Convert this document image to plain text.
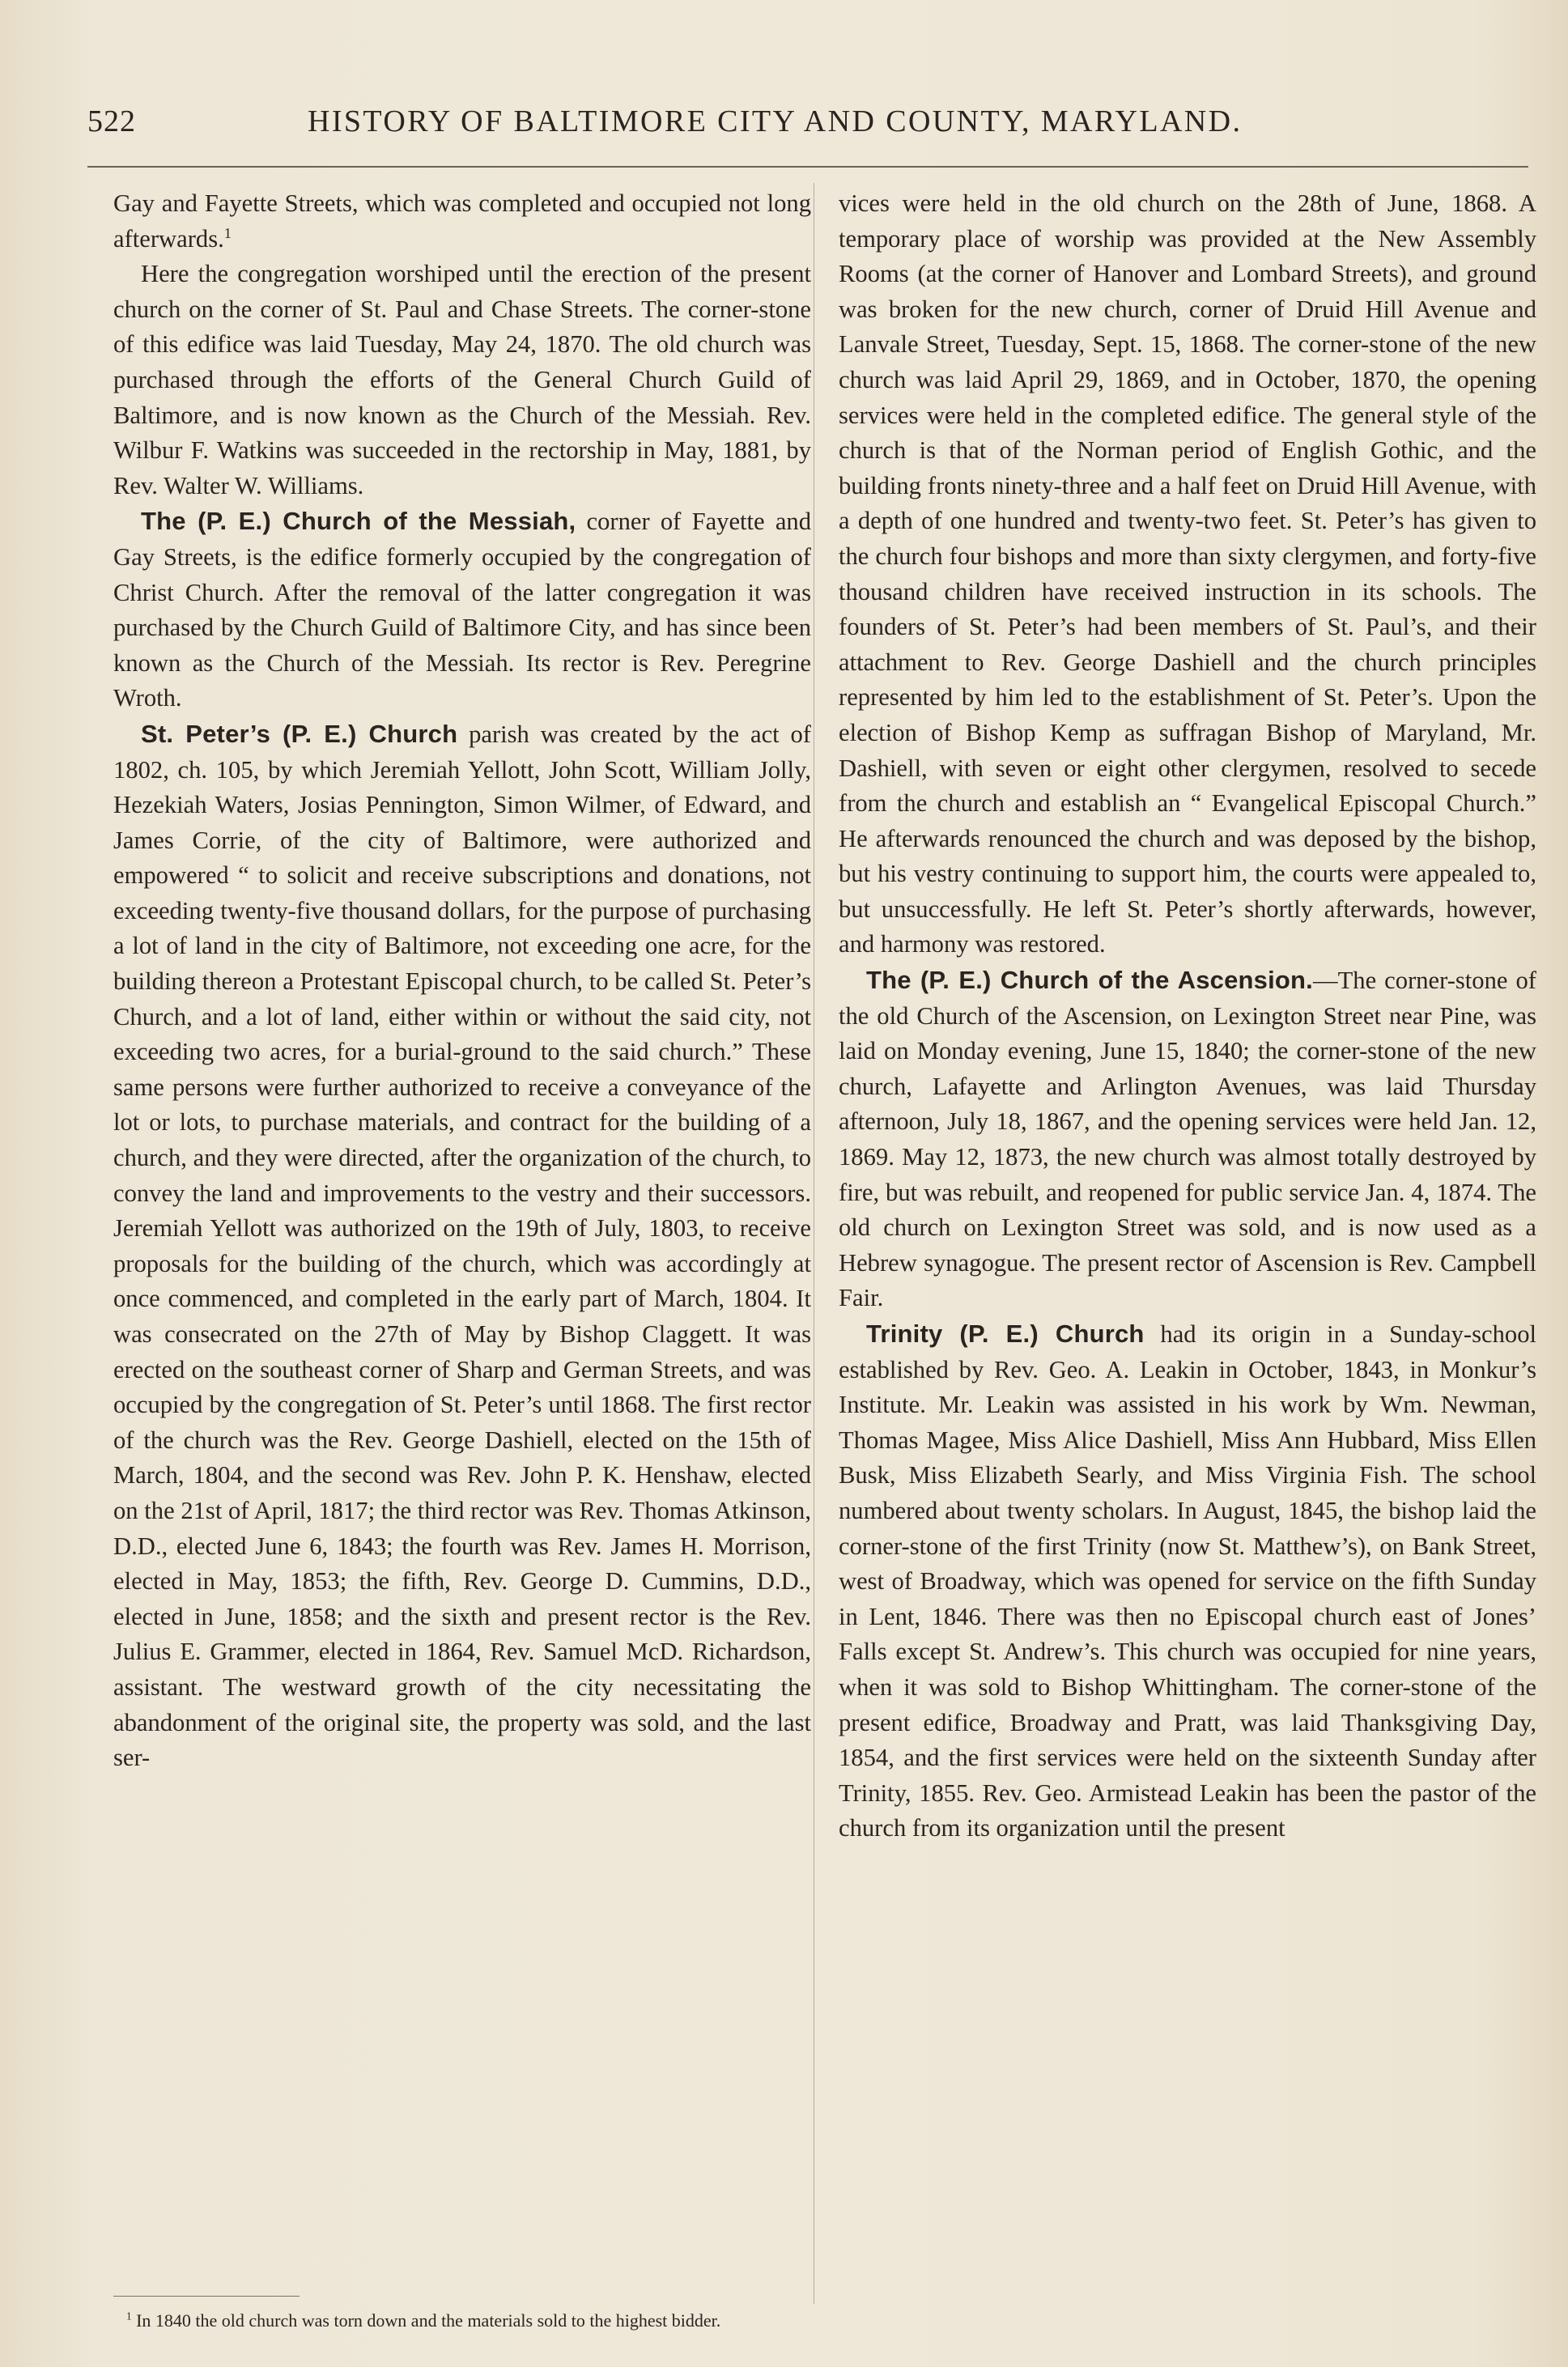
522	HISTORY OF BALTIMORE CITY AND COUNTY, MARYLAND.

Gay and Fayette Streets, which was completed and occupied not long afterwards.$^1$

Here the congregation worshiped until the erection of the present church on the corner of St. Paul and Chase Streets. The corner-stone of this edifice was laid Tuesday, May 24, 1870. The old church was purchased through the efforts of the General Church Guild of Baltimore, and is now known as the Church of the Messiah. Rev. Wilbur F. Watkins was succeeded in the rectorship in May, 1881, by Rev. Walter W. Williams.

The (P. E.) Church of the Messiah, corner of Fayette and Gay Streets, is the edifice formerly occupied by the congregation of Christ Church. After the removal of the latter congregation it was purchased by the Church Guild of Baltimore City, and has since been known as the Church of the Messiah. Its rector is Rev. Peregrine Wroth.

St. Peter’s (P. E.) Church parish was created by the act of 1802, ch. 105, by which Jeremiah Yellott, John Scott, William Jolly, Hezekiah Waters, Josias Pennington, Simon Wilmer, of Edward, and James Corrie, of the city of Baltimore, were authorized and empowered “ to solicit and receive subscriptions and donations, not exceeding twenty-five thousand dollars, for the purpose of purchasing a lot of land in the city of Baltimore, not exceeding one acre, for the building thereon a Protestant Episcopal church, to be called St. Peter’s Church, and a lot of land, either within or without the said city, not exceeding two acres, for a burial-ground to the said church.” These same persons were further authorized to receive a conveyance of the lot or lots, to purchase materials, and contract for the building of a church, and they were directed, after the organization of the church, to convey the land and improvements to the vestry and their successors. Jeremiah Yellott was authorized on the 19th of July, 1803, to receive proposals for the building of the church, which was accordingly at once commenced, and completed in the early part of March, 1804. It was consecrated on the 27th of May by Bishop Claggett. It was erected on the southeast corner of Sharp and German Streets, and was occupied by the congregation of St. Peter’s until 1868. The first rector of the church was the Rev. George Dashiell, elected on the 15th of March, 1804, and the second was Rev. John P. K. Henshaw, elected on the 21st of April, 1817; the third rector was Rev. Thomas Atkinson, D.D., elected June 6, 1843; the fourth was Rev. James H. Morrison, elected in May, 1853; the fifth, Rev. George D. Cummins, D.D., elected in June, 1858; and the sixth and present rector is the Rev. Julius E. Grammer, elected in 1864, Rev. Samuel McD. Richardson, assistant. The westward growth of the city necessitating the abandonment of the original site, the property was sold, and the last ser-

vices were held in the old church on the 28th of June, 1868. A temporary place of worship was provided at the New Assembly Rooms (at the corner of Hanover and Lombard Streets), and ground was broken for the new church, corner of Druid Hill Avenue and Lanvale Street, Tuesday, Sept. 15, 1868. The corner-stone of the new church was laid April 29, 1869, and in October, 1870, the opening services were held in the completed edifice. The general style of the church is that of the Norman period of English Gothic, and the building fronts ninety-three and a half feet on Druid Hill Avenue, with a depth of one hundred and twenty-two feet. St. Peter’s has given to the church four bishops and more than sixty clergymen, and forty-five thousand children have received instruction in its schools. The founders of St. Peter’s had been members of St. Paul’s, and their attachment to Rev. George Dashiell and the church principles represented by him led to the establishment of St. Peter’s. Upon the election of Bishop Kemp as suffragan Bishop of Maryland, Mr. Dashiell, with seven or eight other clergymen, resolved to secede from the church and establish an “ Evangelical Episcopal Church.” He afterwards renounced the church and was deposed by the bishop, but his vestry continuing to support him, the courts were appealed to, but unsuccessfully. He left St. Peter’s shortly afterwards, however, and harmony was restored.

The (P. E.) Church of the Ascension.—The corner-stone of the old Church of the Ascension, on Lexington Street near Pine, was laid on Monday evening, June 15, 1840; the corner-stone of the new church, Lafayette and Arlington Avenues, was laid Thursday afternoon, July 18, 1867, and the opening services were held Jan. 12, 1869. May 12, 1873, the new church was almost totally destroyed by fire, but was rebuilt, and reopened for public service Jan. 4, 1874. The old church on Lexington Street was sold, and is now used as a Hebrew synagogue. The present rector of Ascension is Rev. Campbell Fair.

Trinity (P. E.) Church had its origin in a Sunday-school established by Rev. Geo. A. Leakin in October, 1843, in Monkur’s Institute. Mr. Leakin was assisted in his work by Wm. Newman, Thomas Magee, Miss Alice Dashiell, Miss Ann Hubbard, Miss Ellen Busk, Miss Elizabeth Searly, and Miss Virginia Fish. The school numbered about twenty scholars. In August, 1845, the bishop laid the corner-stone of the first Trinity (now St. Matthew’s), on Bank Street, west of Broadway, which was opened for service on the fifth Sunday in Lent, 1846. There was then no Episcopal church east of Jones’ Falls except St. Andrew’s. This church was occupied for nine years, when it was sold to Bishop Whittingham. The corner-stone of the present edifice, Broadway and Pratt, was laid Thanksgiving Day, 1854, and the first services were held on the sixteenth Sunday after Trinity, 1855. Rev. Geo. Armistead Leakin has been the pastor of the church from its organization until the present

$^1$ In 1840 the old church was torn down and the materials sold to the highest bidder.
